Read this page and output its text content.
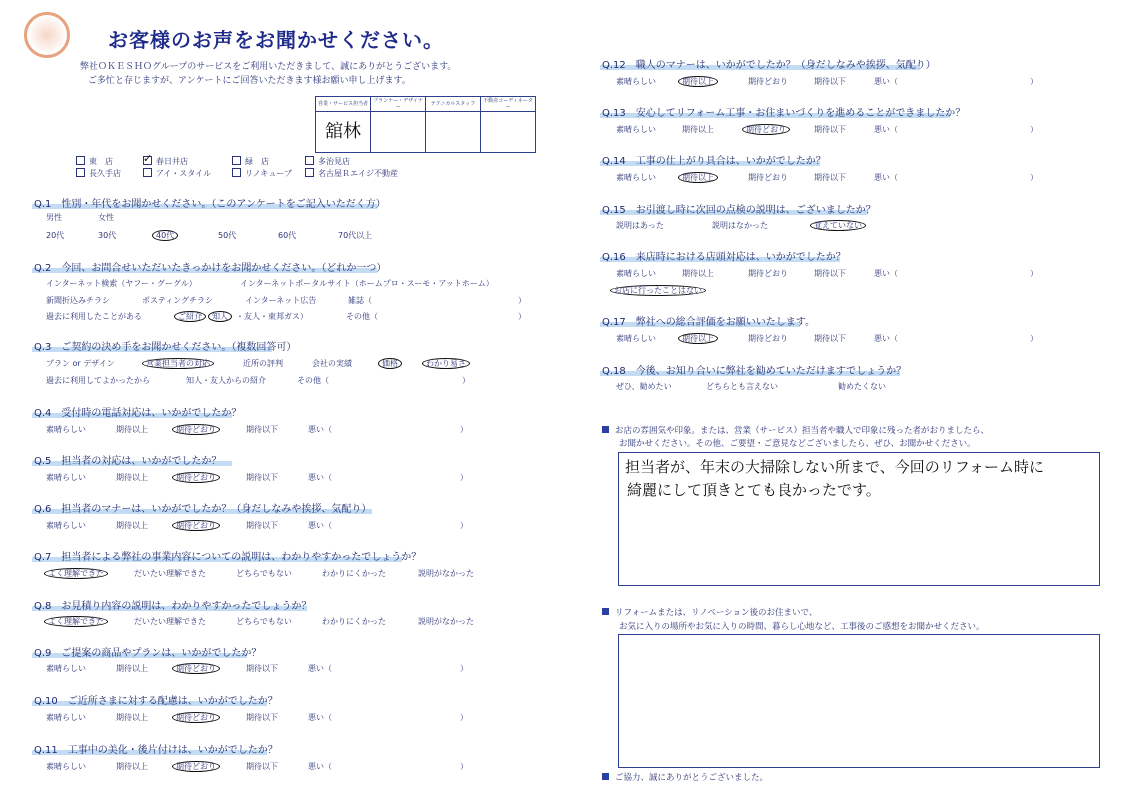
お客様のお声をお聞かせください。
弊社ＯＫＥＳＨＯグループのサービスをご利用いただきまして、誠にありがとうございます。
ご多忙と存じますが、アンケートにご回答いただきます様お願い申し上げます。
営業・サービス担当者	プランナー・デザイナー	テクニカルスタッフ	不動産コーディネーター
舘林			
東　店	✓ 春日井店	緑　店	多治見店
長久手店	アイ・スタイル	リノキューブ	名古屋Ｒエイジ不動産
Q.1　性別・年代をお聞かせください。（このアンケートをご記入いただく方）
男性	女性
20代	30代	40代	50代	60代	70代以上
Q.2　今回、お問合せいただいたきっかけをお聞かせください。（どれか一つ）
インターネット検索（ヤフー・グーグル）	インターネットポータルサイト（ホームプロ・スーモ・アットホーム）
新聞折込みチラシ	ポスティングチラシ	インターネット広告	雑誌（	）
過去に利用したことがある	ご紹介	知人	・友人・東邦ガス）	その他（	）
Q.3　ご契約の決め手をお聞かせください。（複数回答可）
プラン or デザイン	営業担当者の対応	近所の評判	会社の実績	価格	わかり易さ
過去に利用してよかったから	知人・友人からの紹介	その他（	）
Q.4　受付時の電話対応は、いかがでしたか？
素晴らしい	期待以上	期待どおり	期待以下	悪い（	）
Q.5　担当者の対応は、いかがでしたか？
素晴らしい	期待以上	期待どおり	期待以下	悪い（	）
Q.6　担当者のマナーは、いかがでしたか？（身だしなみや挨拶、気配り）
素晴らしい	期待以上	期待どおり	期待以下	悪い（	）
Q.7　担当者による弊社の事業内容についての説明は、わかりやすかったでしょうか？
よく理解できた	だいたい理解できた	どちらでもない	わかりにくかった	説明がなかった
Q.8　お見積り内容の説明は、わかりやすかったでしょうか？
よく理解できた	だいたい理解できた	どちらでもない	わかりにくかった	説明がなかった
Q.9　ご提案の商品やプランは、いかがでしたか？
素晴らしい	期待以上	期待どおり	期待以下	悪い（	）
Q.10　ご近所さまに対する配慮は、いかがでしたか？
素晴らしい	期待以上	期待どおり	期待以下	悪い（	）
Q.11　工事中の美化・後片付けは、いかがでしたか？
素晴らしい	期待以上	期待どおり	期待以下	悪い（	）
Q.12　職人のマナーは、いかがでしたか？（身だしなみや挨拶、気配り）
素晴らしい	期待以上	期待どおり	期待以下	悪い（	）
Q.13　安心してリフォーム工事・お住まいづくりを進めることができましたか？
素晴らしい	期待以上	期待どおり	期待以下	悪い（	）
Q.14　工事の仕上がり具合は、いかがでしたか？
素晴らしい	期待以上	期待どおり	期待以下	悪い（	）
Q.15　お引渡し時に次回の点検の説明は、ございましたか？
説明はあった	説明はなかった	覚えていない
Q.16　来店時における店頭対応は、いかがでしたか？
素晴らしい	期待以上	期待どおり	期待以下	悪い（	）
お店に行ったことはない
Q.17　弊社への総合評価をお願いいたします。
素晴らしい	期待以上	期待どおり	期待以下	悪い（	）
Q.18　今後、お知り合いに弊社を勧めていただけますでしょうか？
ぜひ、勧めたい	どちらとも言えない	勧めたくない
お店の雰囲気や印象。または、営業（サービス）担当者や職人で印象に残った者がおりましたら、
お聞かせください。その他、ご要望・ご意見などございましたら、ぜひ、お聞かせください。
担当者が、年末の大掃除しない所まで、今回のリフォーム時に
綺麗にして頂きとても良かったです。
リフォームまたは、リノベーション後のお住まいで、
お気に入りの場所やお気に入りの時間、暮らし心地など、工事後のご感想をお聞かせください。
ご協力、誠にありがとうございました。
